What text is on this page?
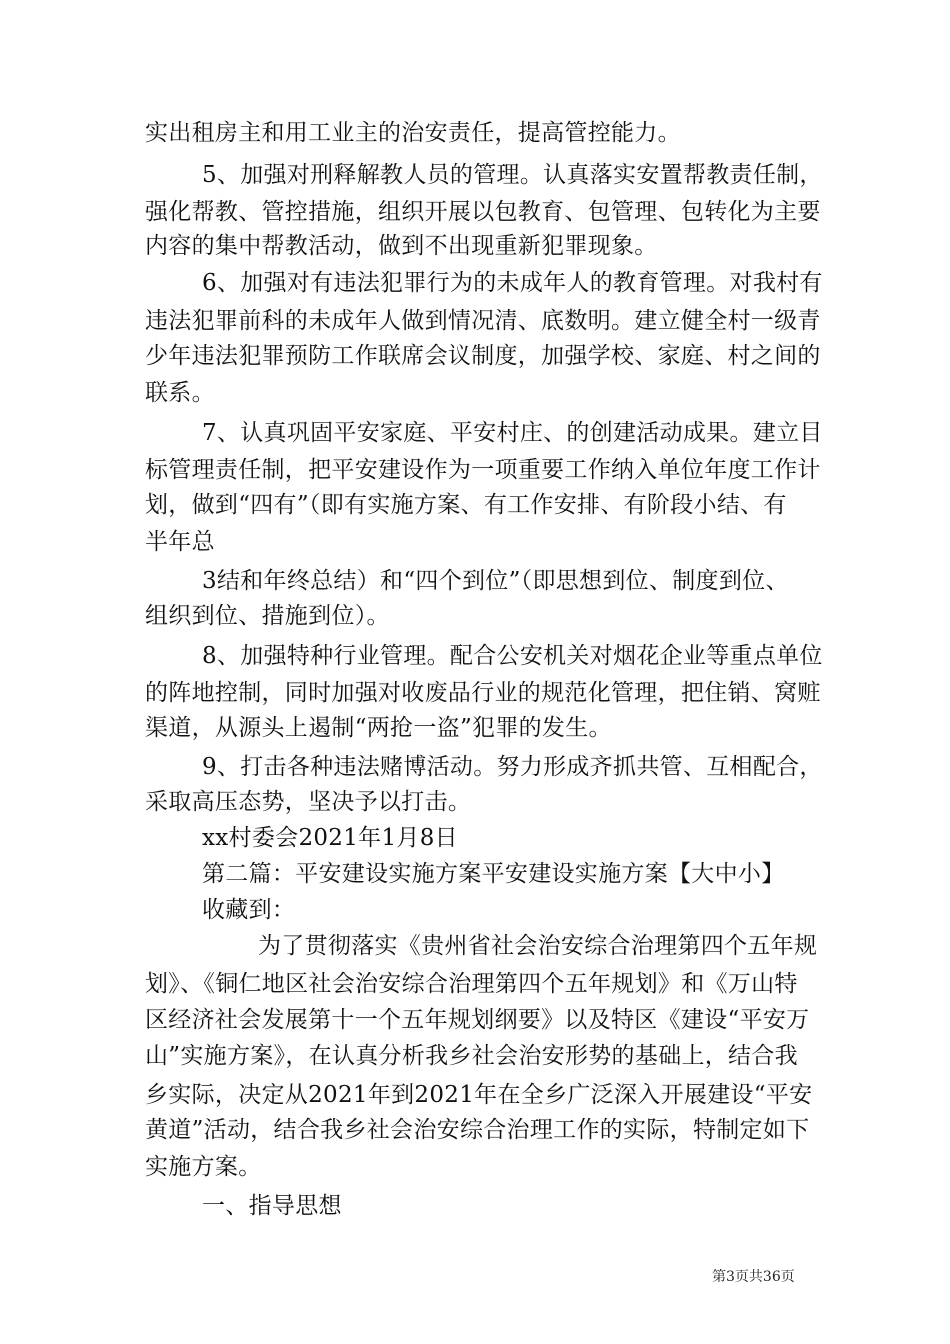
实出租房主和用工业主的治安责任，提高管控能力。
5、加强对刑释解教人员的管理。认真落实安置帮教责任制，
强化帮教、管控措施，组织开展以包教育、包管理、包转化为主要
内容的集中帮教活动，做到不出现重新犯罪现象。
6、加强对有违法犯罪行为的未成年人的教育管理。对我村有
违法犯罪前科的未成年人做到情况清、底数明。建立健全村一级青
少年违法犯罪预防工作联席会议制度，加强学校、家庭、村之间的
联系。
7、认真巩固平安家庭、平安村庄、的创建活动成果。建立目
标管理责任制，把平安建设作为一项重要工作纳入单位年度工作计
划，做到“四有”（即有实施方案、有工作安排、有阶段小结、有
半年总
3结和年终总结）和“四个到位”（即思想到位、制度到位、
组织到位、措施到位）。
8、加强特种行业管理。配合公安机关对烟花企业等重点单位
的阵地控制，同时加强对收废品行业的规范化管理，把住销、窝赃
渠道，从源头上遏制“两抢一盗”犯罪的发生。
9、打击各种违法赌博活动。努力形成齐抓共管、互相配合，
采取高压态势，坚决予以打击。
xx村委会2021年1月8日
第二篇：平安建设实施方案平安建设实施方案【大中小】
收藏到：
为了贯彻落实《贵州省社会治安综合治理第四个五年规
划》、《铜仁地区社会治安综合治理第四个五年规划》和《万山特
区经济社会发展第十一个五年规划纲要》以及特区《建设“平安万
山”实施方案》，在认真分析我乡社会治安形势的基础上，结合我
乡实际，决定从2021年到2021年在全乡广泛深入开展建设“平安
黄道”活动，结合我乡社会治安综合治理工作的实际，特制定如下
实施方案。
一、指导思想
第3页共36页
